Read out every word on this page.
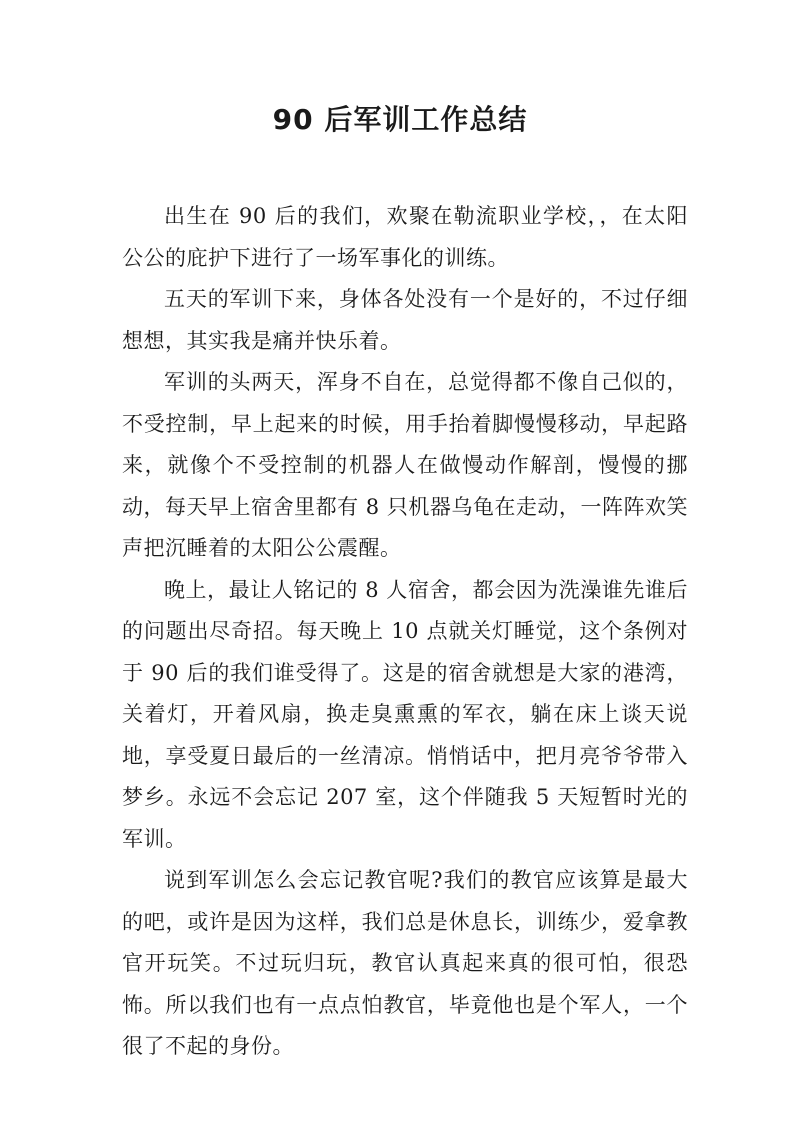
90 后军训工作总结

出生在 90 后的我们，欢聚在勒流职业学校，，在太阳公公的庇护下进行了一场军事化的训练。

五天的军训下来，身体各处没有一个是好的，不过仔细想想，其实我是痛并快乐着。

军训的头两天，浑身不自在，总觉得都不像自己似的，不受控制，早上起来的时候，用手抬着脚慢慢移动，早起路来，就像个不受控制的机器人在做慢动作解剖，慢慢的挪动，每天早上宿舍里都有 8 只机器乌龟在走动，一阵阵欢笑声把沉睡着的太阳公公震醒。

晚上，最让人铭记的 8 人宿舍，都会因为洗澡谁先谁后的问题出尽奇招。每天晚上 10 点就关灯睡觉，这个条例对于 90 后的我们谁受得了。这是的宿舍就想是大家的港湾，关着灯，开着风扇，换走臭熏熏的军衣，躺在床上谈天说地，享受夏日最后的一丝清凉。悄悄话中，把月亮爷爷带入梦乡。永远不会忘记 207 室，这个伴随我 5 天短暂时光的军训。

说到军训怎么会忘记教官呢?我们的教官应该算是最大的吧，或许是因为这样，我们总是休息长，训练少，爱拿教官开玩笑。不过玩归玩，教官认真起来真的很可怕，很恐怖。所以我们也有一点点怕教官，毕竟他也是个军人，一个很了不起的身份。
